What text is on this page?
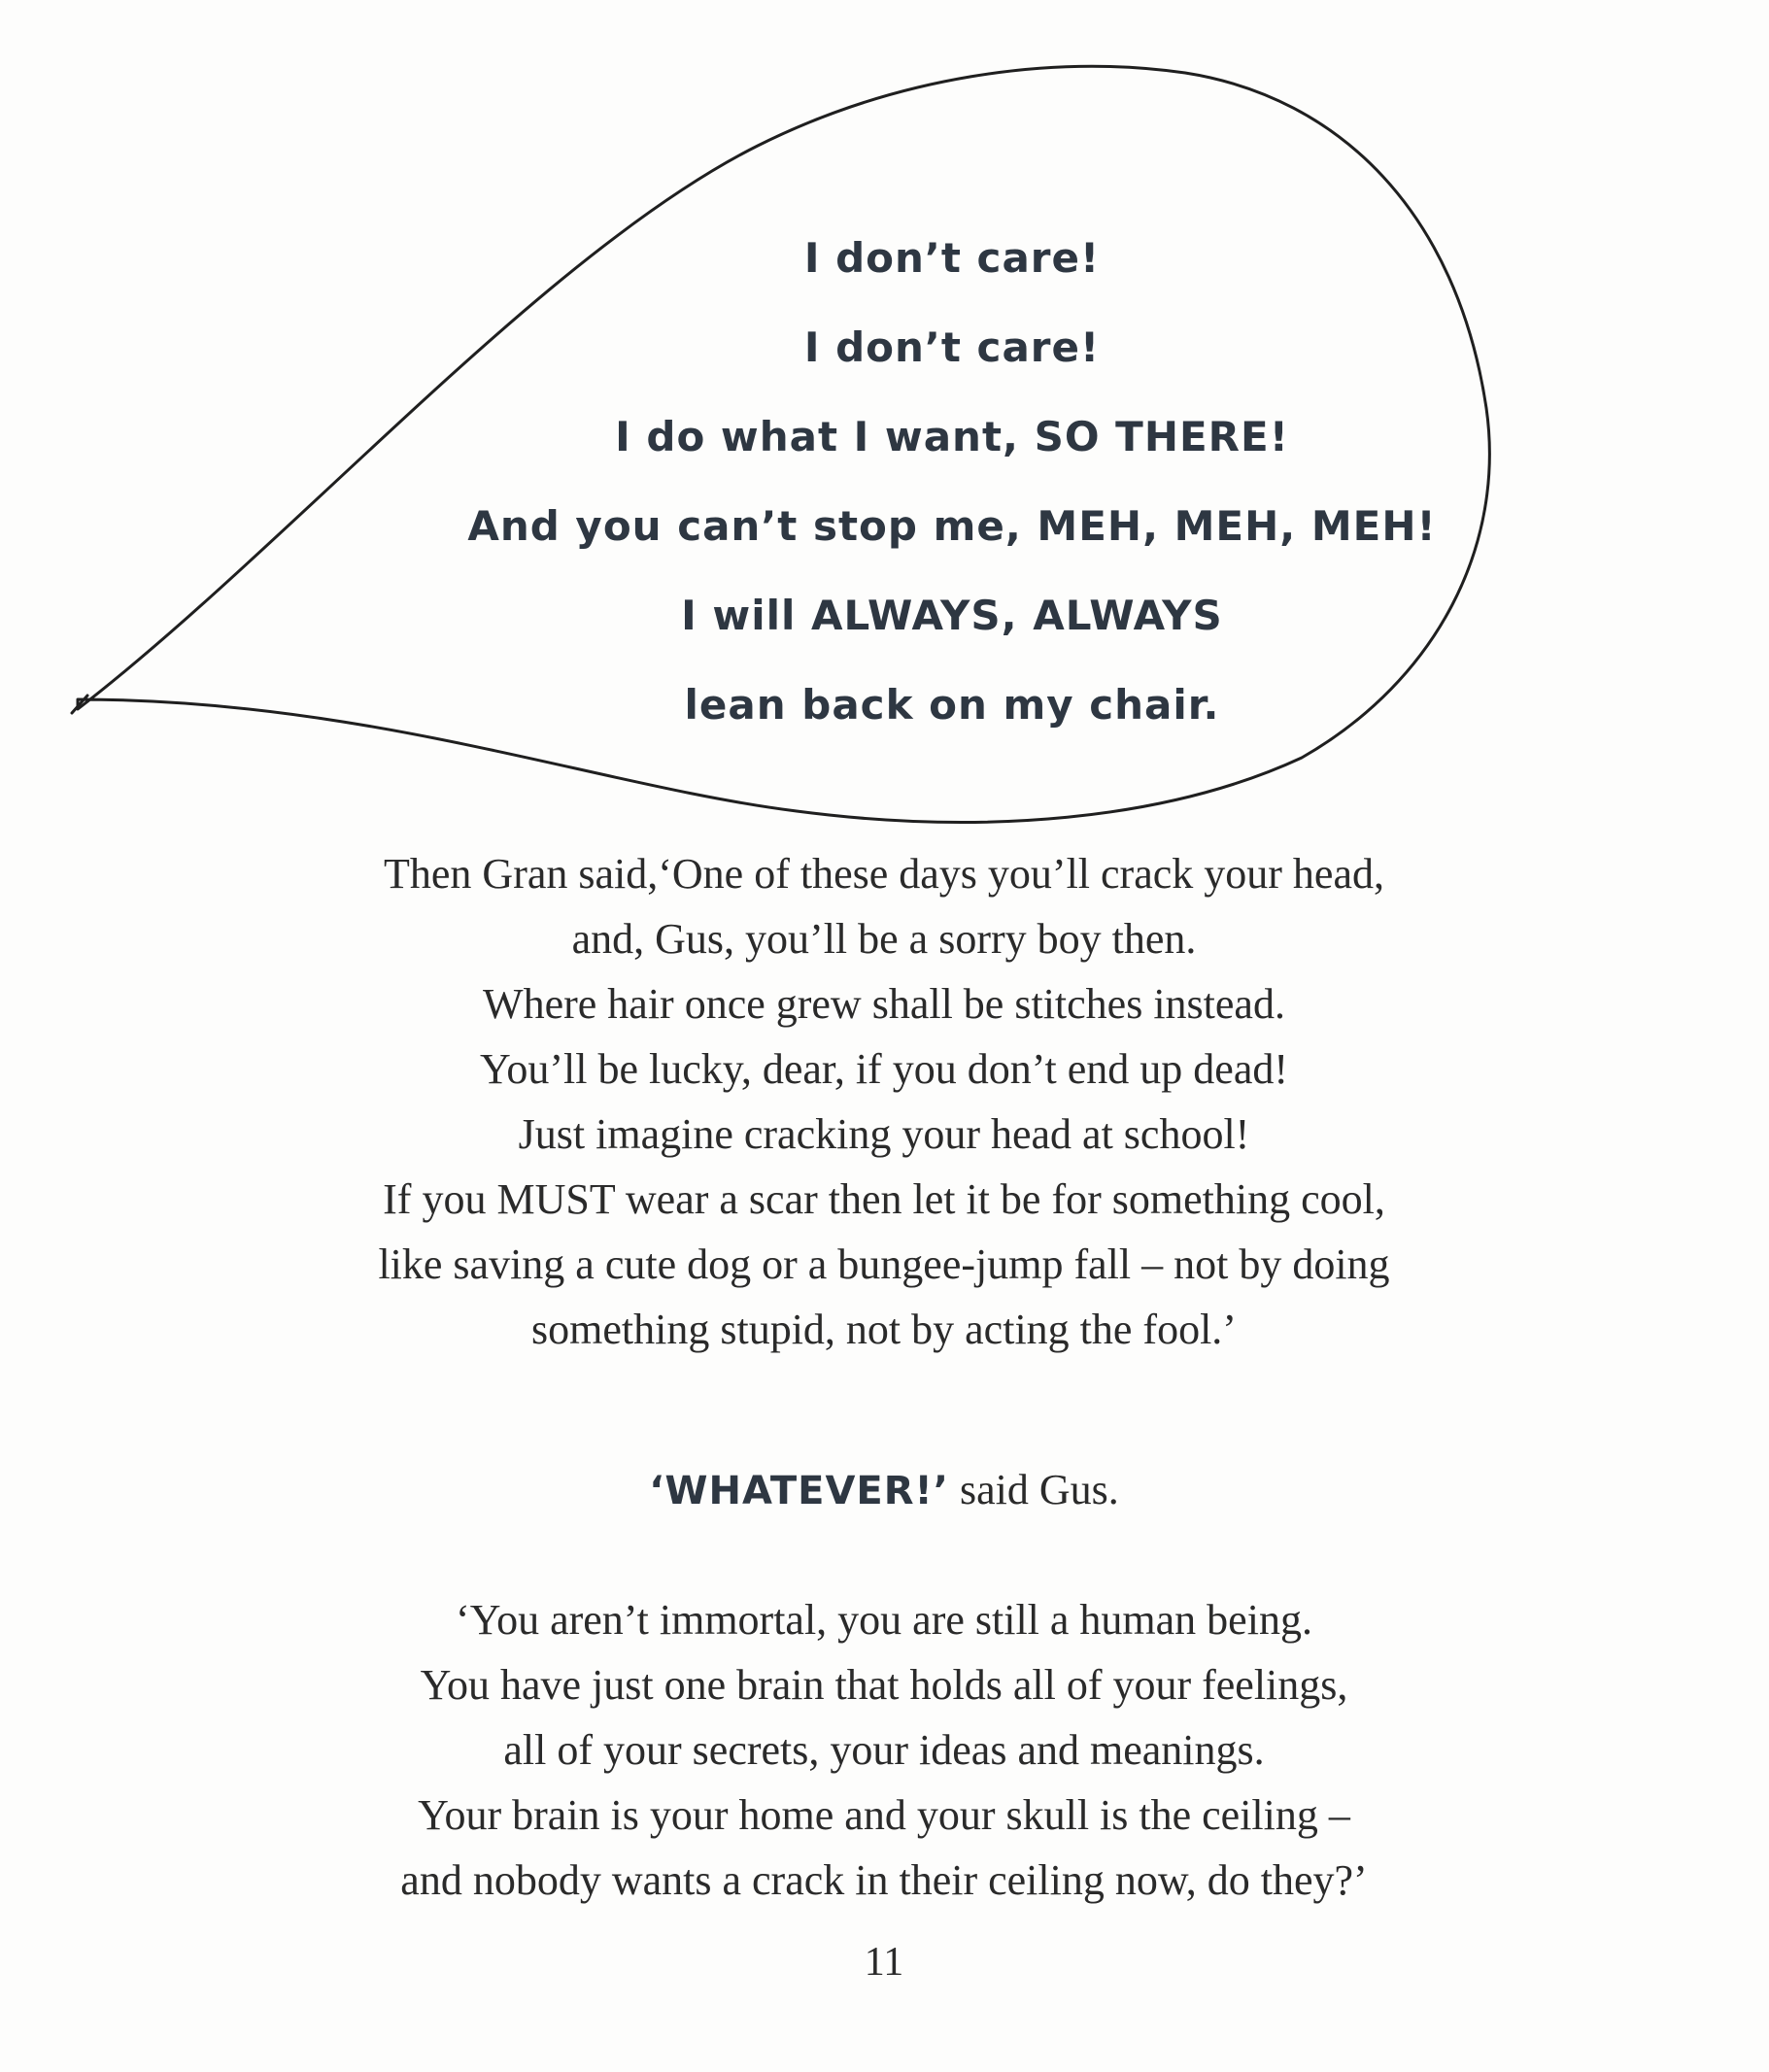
I don’t care!
I don’t care!
I do what I want, SO THERE!
And you can’t stop me, MEH, MEH, MEH!
I will ALWAYS, ALWAYS
lean back on my chair.
Then Gran said,‘One of these days you’ll crack your head,
and, Gus, you’ll be a sorry boy then.
Where hair once grew shall be stitches instead.
You’ll be lucky, dear, if you don’t end up dead!
Just imagine cracking your head at school!
If you MUST wear a scar then let it be for something cool,
like saving a cute dog or a bungee-jump fall – not by doing
something stupid, not by acting the fool.’
‘WHATEVER!’ said Gus.
‘You aren’t immortal, you are still a human being.
You have just one brain that holds all of your feelings,
all of your secrets, your ideas and meanings.
Your brain is your home and your skull is the ceiling –
and nobody wants a crack in their ceiling now, do they?’
11
